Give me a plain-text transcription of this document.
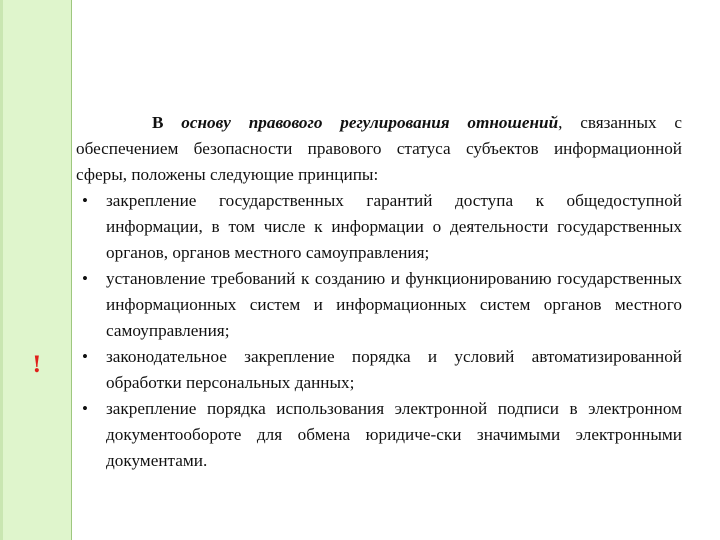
!

В основу правового регулирования отношений, связанных с обеспечением безопасности правового статуса субъектов информационной сферы, положены следующие принципы:

• закрепление государственных гарантий доступа к общедоступной информации, в том числе к информации о деятельности государственных органов, органов местного самоуправления;
• установление требований к созданию и функционированию государственных информационных систем и информационных систем органов местного самоуправления;
• законодательное закрепление порядка и условий автоматизированной обработки персональных данных;
• закрепление порядка использования электронной подписи в электронном документообороте для обмена юридиче-ски значимыми электронными документами.
